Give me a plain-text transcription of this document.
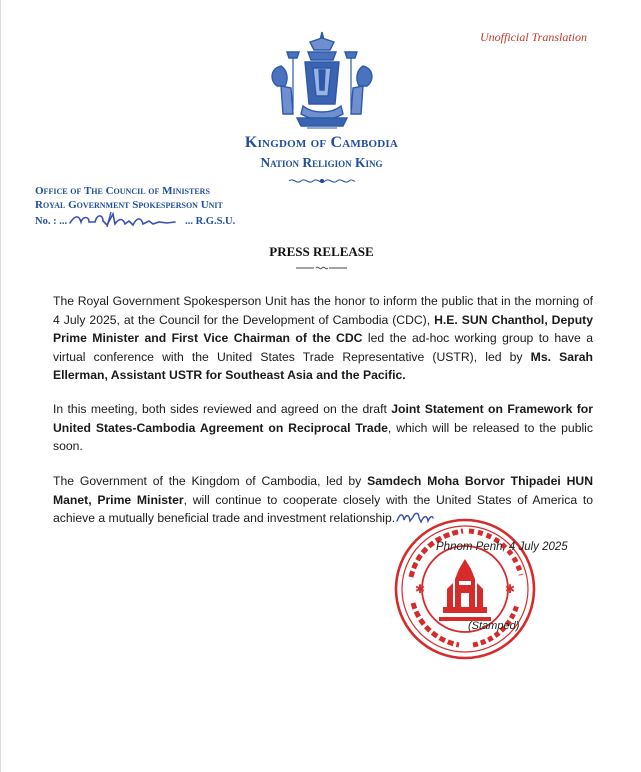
Unofficial Translation
Kingdom of Cambodia
Nation Religion King
Office of The Council of Ministers
Royal Government Spokesperson Unit
No. : ...	... R.G.S.U.
PRESS RELEASE
The Royal Government Spokesperson Unit has the honor to inform the public that in the morning of 4 July 2025, at the Council for the Development of Cambodia (CDC), H.E. SUN Chanthol, Deputy Prime Minister and First Vice Chairman of the CDC led the ad-hoc working group to have a virtual conference with the United States Trade Representative (USTR), led by Ms. Sarah Ellerman, Assistant USTR for Southeast Asia and the Pacific.
In this meeting, both sides reviewed and agreed on the draft Joint Statement on Framework for United States-Cambodia Agreement on Reciprocal Trade, which will be released to the public soon.
The Government of the Kingdom of Cambodia, led by Samdech Moha Borvor Thipadei HUN Manet, Prime Minister, will continue to cooperate closely with the United States of America to achieve a mutually beneficial trade and investment relationship.
✱	✱
Phnom Penh, 4 July 2025
(Stamped)
